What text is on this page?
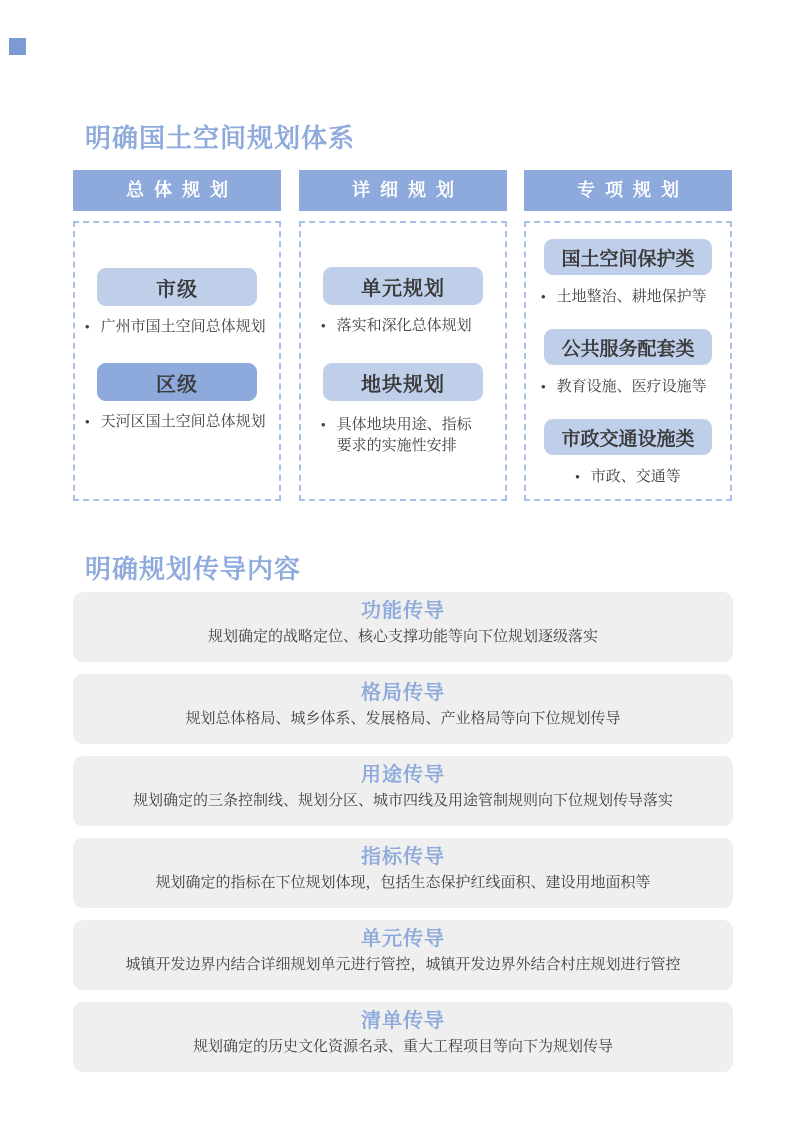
明确国土空间规划体系
总体规划
市级
• 广州市国土空间总体规划
区级
• 天河区国土空间总体规划
详细规划
单元规划
• 落实和深化总体规划
地块规划
• 具体地块用途、指标要求的实施性安排
专项规划
国土空间保护类
• 土地整治、耕地保护等
公共服务配套类
• 教育设施、医疗设施等
市政交通设施类
• 市政、交通等
明确规划传导内容
功能传导
规划确定的战略定位、核心支撑功能等向下位规划逐级落实
格局传导
规划总体格局、城乡体系、发展格局、产业格局等向下位规划传导
用途传导
规划确定的三条控制线、规划分区、城市四线及用途管制规则向下位规划传导落实
指标传导
规划确定的指标在下位规划体现，包括生态保护红线面积、建设用地面积等
单元传导
城镇开发边界内结合详细规划单元进行管控，城镇开发边界外结合村庄规划进行管控
清单传导
规划确定的历史文化资源名录、重大工程项目等向下为规划传导
